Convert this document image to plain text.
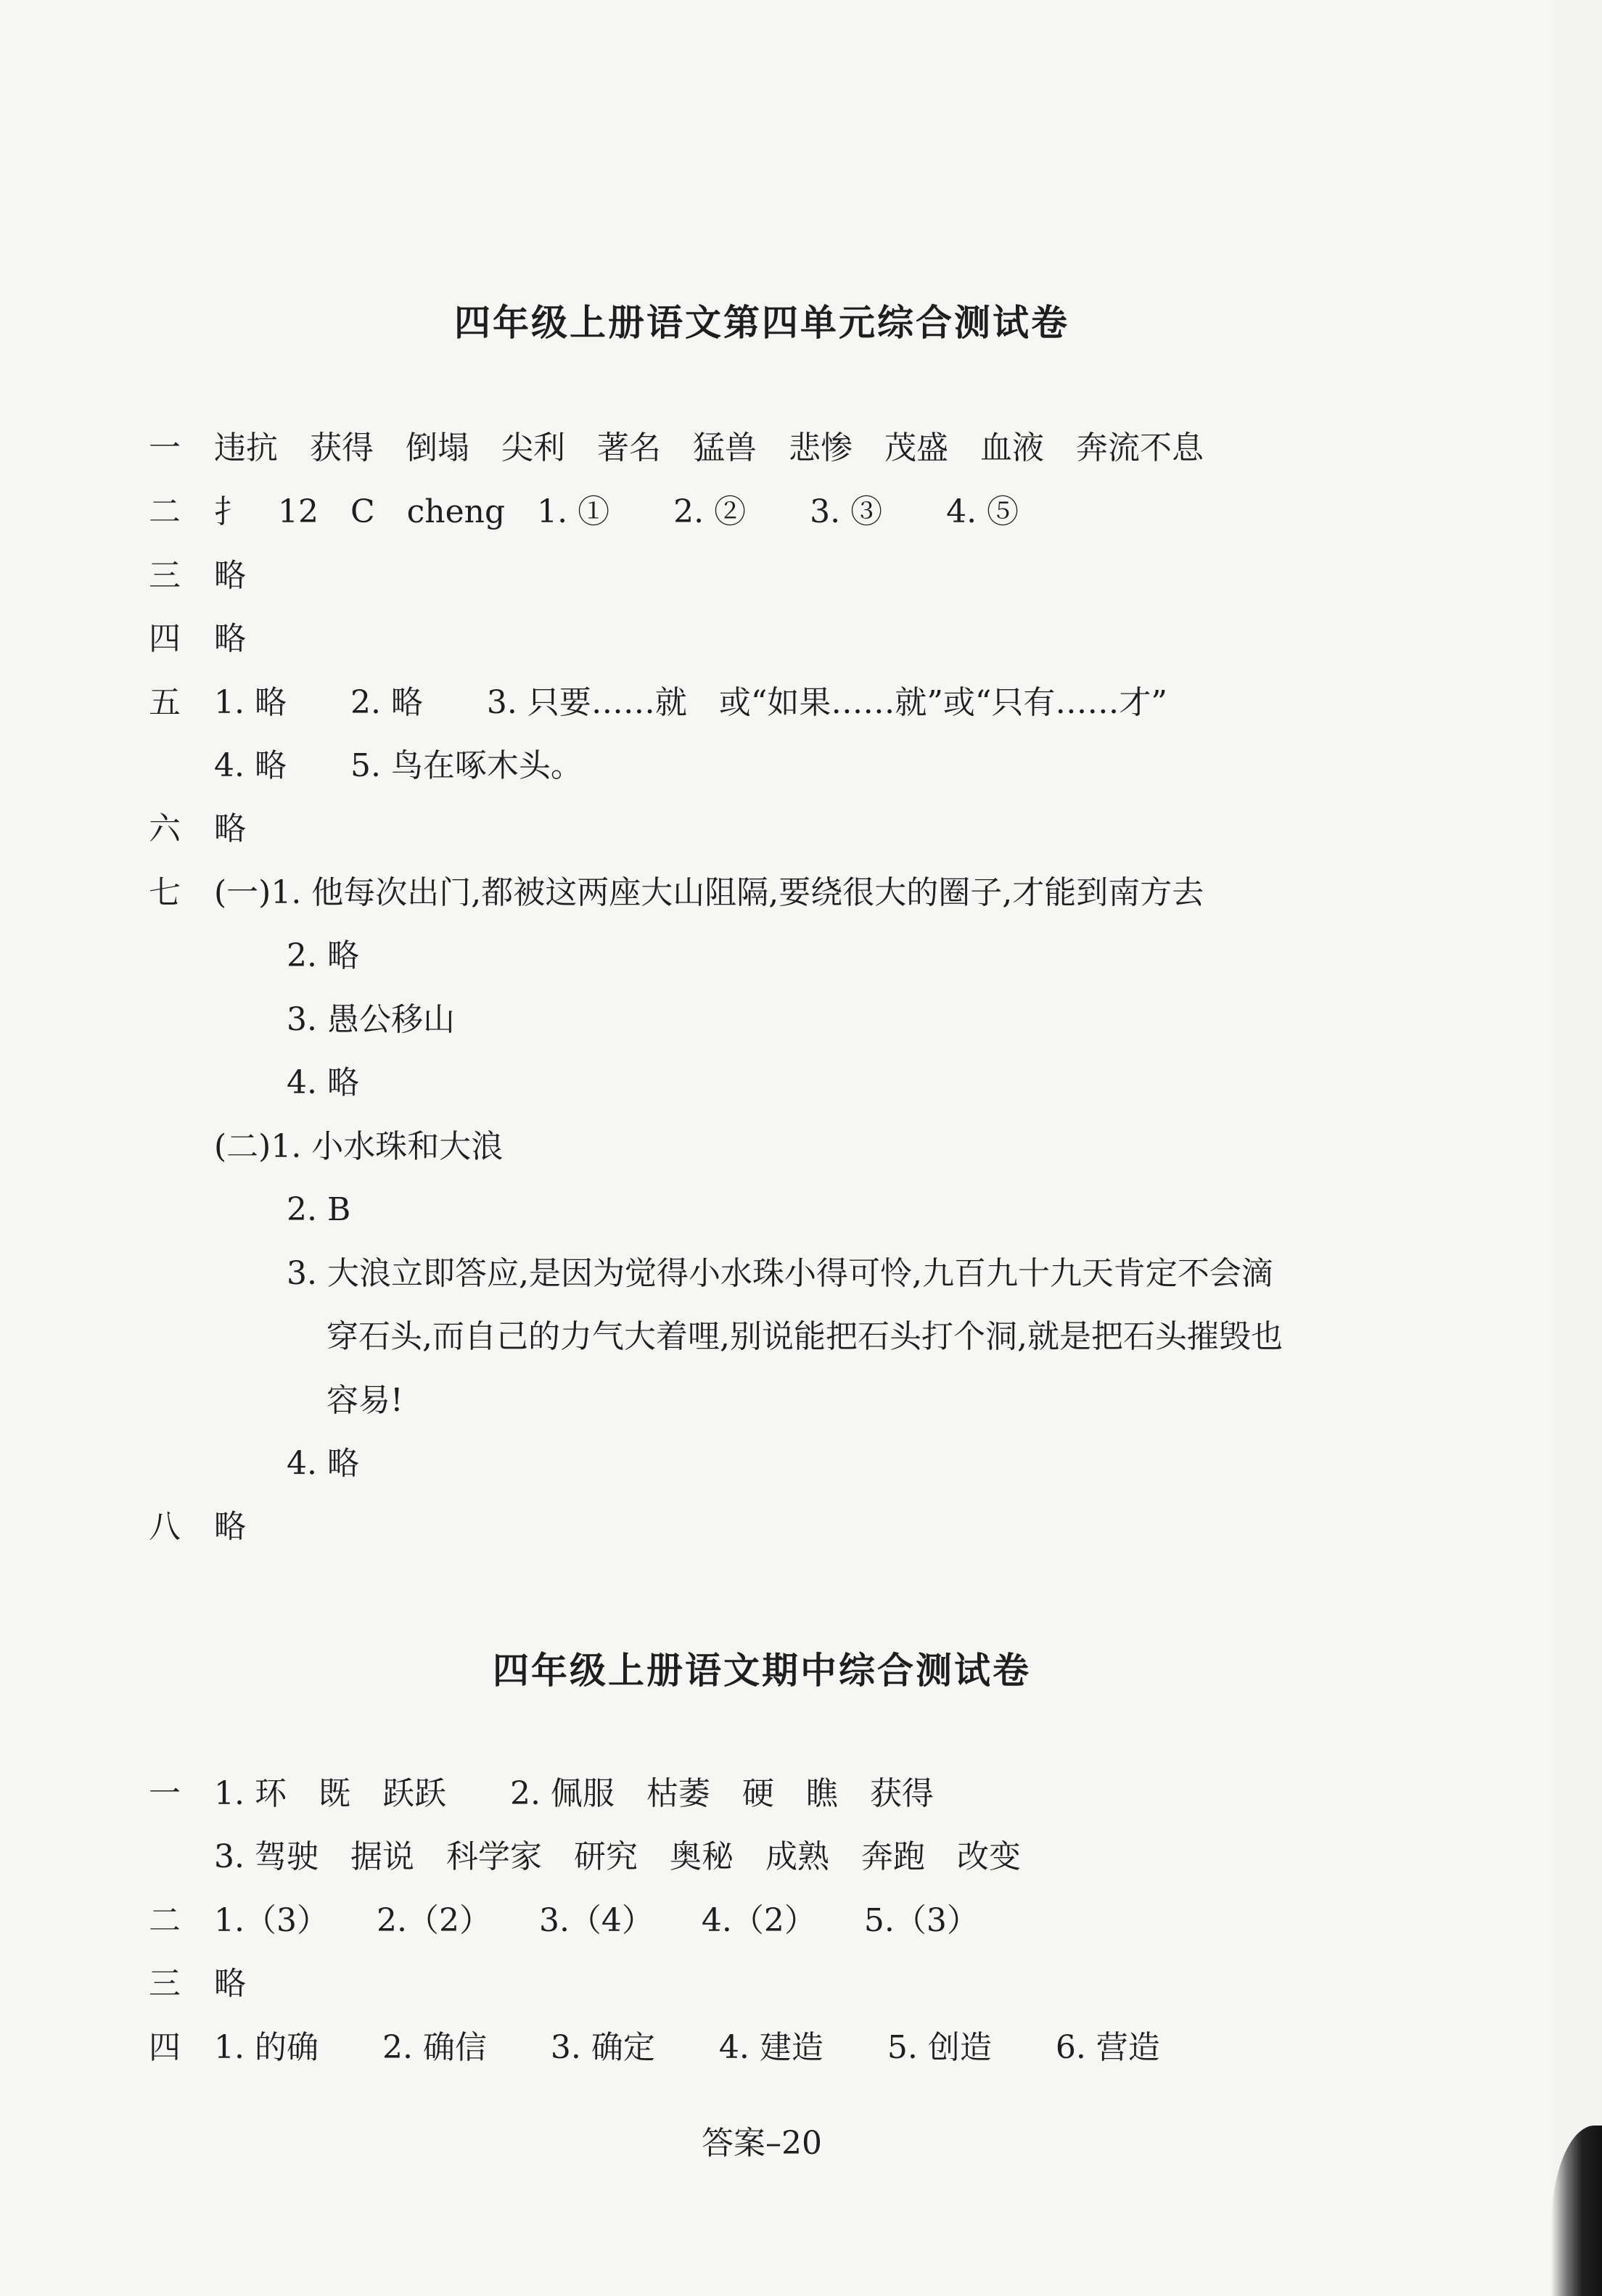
四年级上册语文第四单元综合测试卷
一 违抗　获得　倒塌　尖利　著名　猛兽　悲惨　茂盛　血液　奔流不息
二 扌　12　C　cheng　1. ①　　2. ②　　3. ③　　4. ⑤
三 略
四 略
五 1. 略　　2. 略　　3. 只要……就　或“如果……就”或“只有……才”
4. 略　　5. 鸟在啄木头。
六 略
七 (一)1. 他每次出门,都被这两座大山阻隔,要绕很大的圈子,才能到南方去
2. 略
3. 愚公移山
4. 略
(二)1. 小水珠和大浪
2. B
3. 大浪立即答应,是因为觉得小水珠小得可怜,九百九十九天肯定不会滴
穿石头,而自己的力气大着哩,别说能把石头打个洞,就是把石头摧毁也
容易!
4. 略
八 略
四年级上册语文期中综合测试卷
一 1. 环　既　跃跃　　2. 佩服　枯萎　硬　瞧　获得
3. 驾驶　据说　科学家　研究　奥秘　成熟　奔跑　改变
二 1.（3）　　2.（2）　　3.（4）　　4.（2）　　5.（3）
三 略
四 1. 的确　　2. 确信　　3. 确定　　4. 建造　　5. 创造　　6. 营造
答案–20
